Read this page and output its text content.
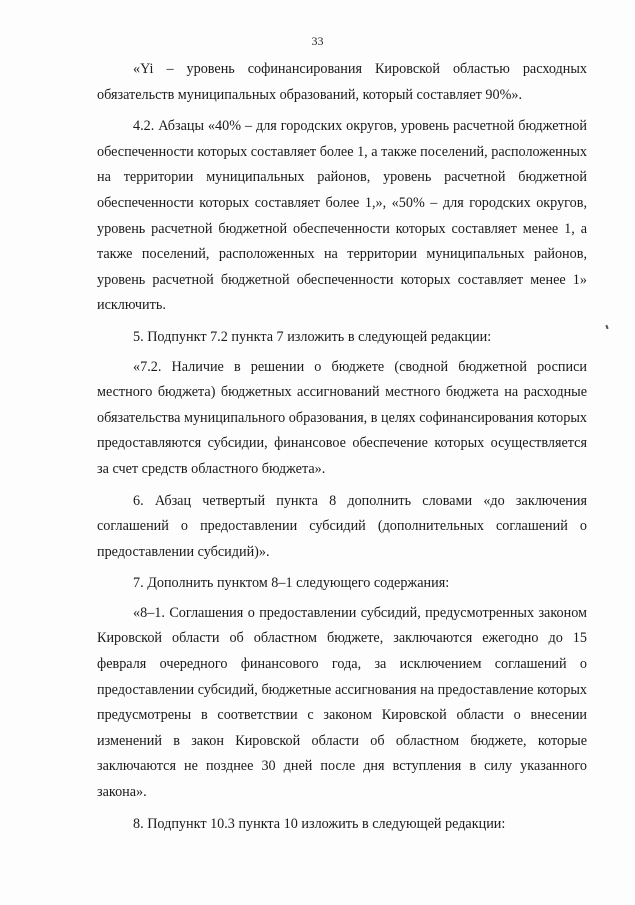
33

«Yi – уровень софинансирования Кировской областью расходных обязательств муниципальных образований, который составляет 90%».

4.2. Абзацы «40% – для городских округов, уровень расчетной бюджетной обеспеченности которых составляет более 1, а также поселений, расположенных на территории муниципальных районов, уровень расчетной бюджетной обеспеченности которых составляет более 1,», «50% – для городских округов, уровень расчетной бюджетной обеспеченности которых составляет менее 1, а также поселений, расположенных на территории муниципальных районов, уровень расчетной бюджетной обеспеченности которых составляет менее 1» исключить.

5. Подпункт 7.2 пункта 7 изложить в следующей редакции:

«7.2. Наличие в решении о бюджете (сводной бюджетной росписи местного бюджета) бюджетных ассигнований местного бюджета на расходные обязательства муниципального образования, в целях софинансирования которых предоставляются субсидии, финансовое обеспечение которых осуществляется за счет средств областного бюджета».

6. Абзац четвертый пункта 8 дополнить словами «до заключения соглашений о предоставлении субсидий (дополнительных соглашений о предоставлении субсидий)».

7. Дополнить пунктом 8–1 следующего содержания:

«8–1. Соглашения о предоставлении субсидий, предусмотренных законом Кировской области об областном бюджете, заключаются ежегодно до 15 февраля очередного финансового года, за исключением соглашений о предоставлении субсидий, бюджетные ассигнования на предоставление которых предусмотрены в соответствии с законом Кировской области о внесении изменений в закон Кировской области об областном бюджете, которые заключаются не позднее 30 дней после дня вступления в силу указанного закона».

8. Подпункт 10.3 пункта 10 изложить в следующей редакции:
